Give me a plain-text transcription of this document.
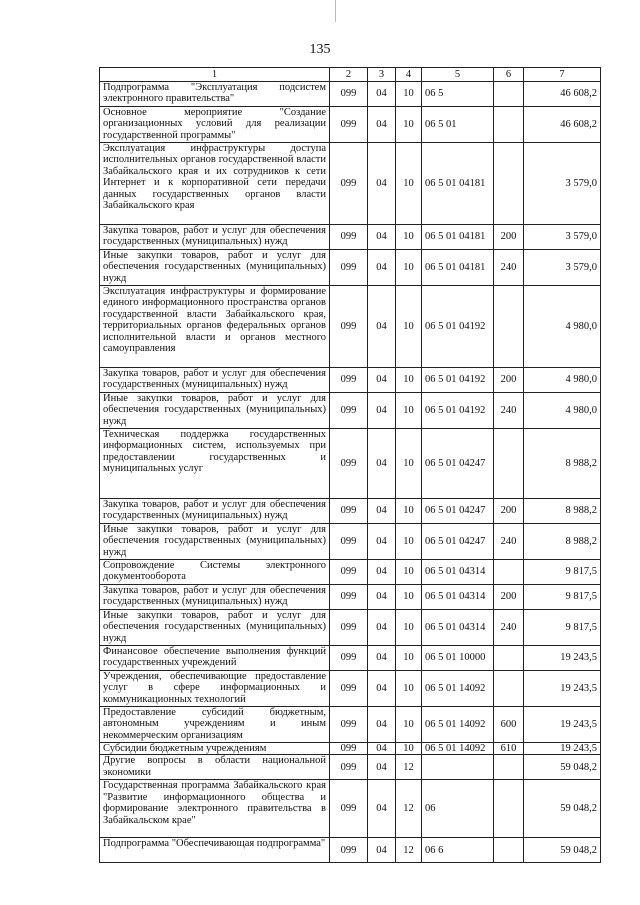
135
1	2	3	4	5	6	7
Подпрограмма "Эксплуатация подсистем электронного правительства"	099	04	10	06 5		46 608,2
Основное мероприятие "Создание организационных условий для реализации государственной программы"	099	04	10	06 5 01		46 608,2
Эксплуатация инфраструктуры доступа исполнительных органов государственной власти Забайкальского края и их сотрудников к сети Интернет и к корпоративной сети передачи данных государственных органов власти Забайкальского края	099	04	10	06 5 01 04181		3 579,0
Закупка товаров, работ и услуг для обеспечения государственных (муниципальных) нужд	099	04	10	06 5 01 04181	200	3 579,0
Иные закупки товаров, работ и услуг для обеспечения государственных (муниципальных) нужд	099	04	10	06 5 01 04181	240	3 579,0
Эксплуатация инфраструктуры и формирование единого информационного пространства органов государственной власти Забайкальского края, территориальных органов федеральных органов исполнительной власти и органов местного самоуправления	099	04	10	06 5 01 04192		4 980,0
Закупка товаров, работ и услуг для обеспечения государственных (муниципальных) нужд	099	04	10	06 5 01 04192	200	4 980,0
Иные закупки товаров, работ и услуг для обеспечения государственных (муниципальных) нужд	099	04	10	06 5 01 04192	240	4 980,0
Техническая поддержка государственных информационных систем, используемых при предоставлении государственных и муниципальных услуг	099	04	10	06 5 01 04247		8 988,2
Закупка товаров, работ и услуг для обеспечения государственных (муниципальных) нужд	099	04	10	06 5 01 04247	200	8 988,2
Иные закупки товаров, работ и услуг для обеспечения государственных (муниципальных) нужд	099	04	10	06 5 01 04247	240	8 988,2
Сопровождение Системы электронного документооборота	099	04	10	06 5 01 04314		9 817,5
Закупка товаров, работ и услуг для обеспечения государственных (муниципальных) нужд	099	04	10	06 5 01 04314	200	9 817,5
Иные закупки товаров, работ и услуг для обеспечения государственных (муниципальных) нужд	099	04	10	06 5 01 04314	240	9 817,5
Финансовое обеспечение выполнения функций государственных учреждений	099	04	10	06 5 01 10000		19 243,5
Учреждения, обеспечивающие предоставление услуг в сфере информационных и коммуникационных технологий	099	04	10	06 5 01 14092		19 243,5
Предоставление субсидий бюджетным, автономным учреждениям и иным некоммерческим организациям	099	04	10	06 5 01 14092	600	19 243,5
Субсидии бюджетным учреждениям	099	04	10	06 5 01 14092	610	19 243,5
Другие вопросы в области национальной экономики	099	04	12			59 048,2
Государственная программа Забайкальского края "Развитие информационного общества и формирование электронного правительства в Забайкальском крае"	099	04	12	06		59 048,2
Подпрограмма "Обеспечивающая подпрограмма"	099	04	12	06 6		59 048,2
